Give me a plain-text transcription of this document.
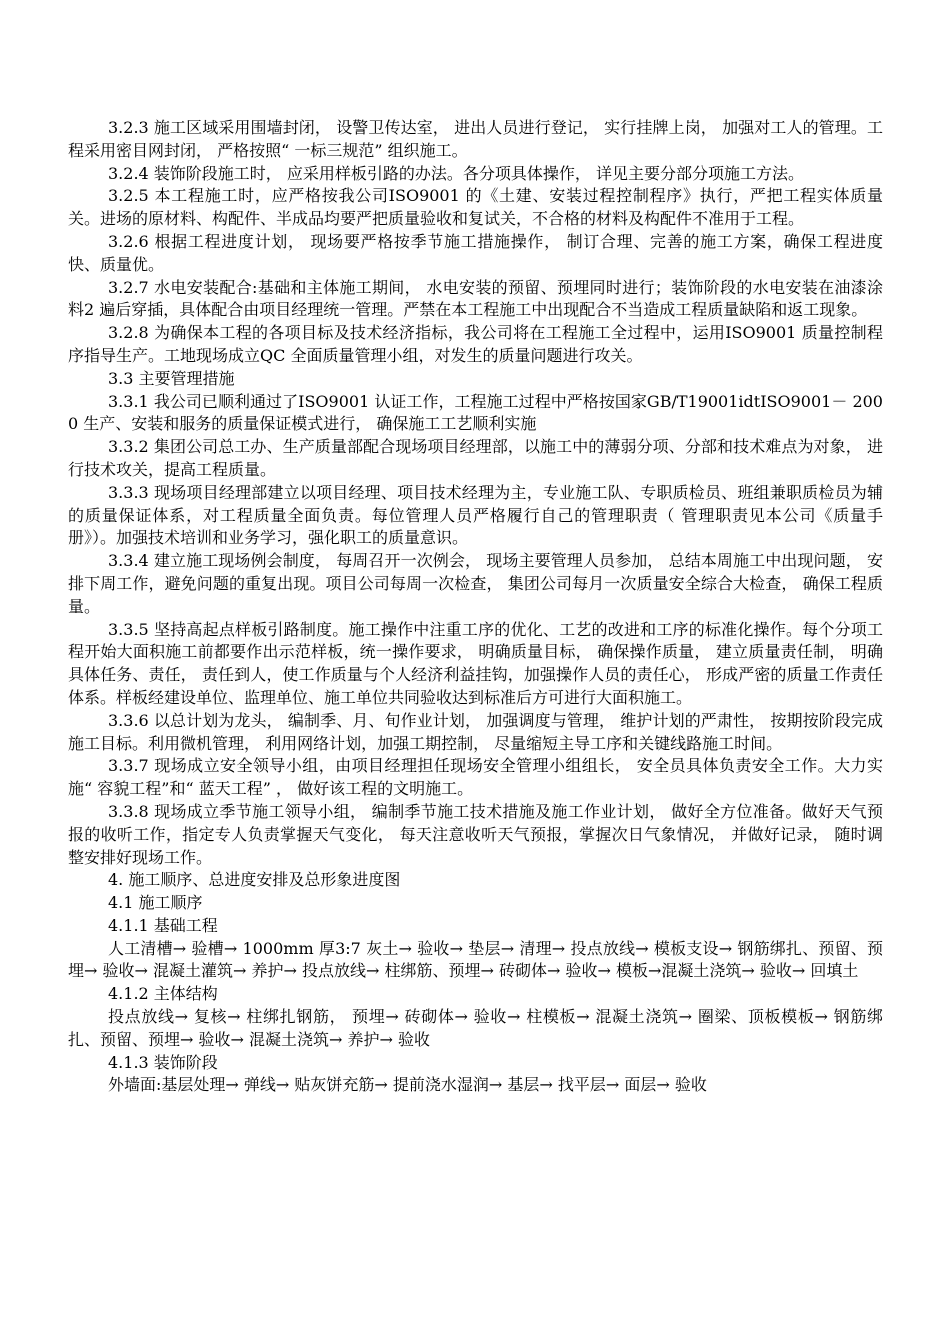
3.2.3 施工区域采用围墙封闭， 设警卫传达室， 进出人员进行登记， 实行挂牌上岗， 加强对工人的管理。工程采用密目网封闭， 严格按照“ 一标三规范” 组织施工。

3.2.4 装饰阶段施工时， 应采用样板引路的办法。各分项具体操作， 详见主要分部分项施工方法。

3.2.5 本工程施工时，应严格按我公司ISO9001 的《土建、安装过程控制程序》执行，严把工程实体质量关。进场的原材料、构配件、半成品均要严把质量验收和复试关，不合格的材料及构配件不准用于工程。

3.2.6 根据工程进度计划， 现场要严格按季节施工措施操作， 制订合理、完善的施工方案，确保工程进度快、质量优。

3.2.7 水电安装配合:基础和主体施工期间， 水电安装的预留、预埋同时进行；装饰阶段的水电安装在油漆涂料2 遍后穿插，具体配合由项目经理统一管理。严禁在本工程施工中出现配合不当造成工程质量缺陷和返工现象。

3.2.8 为确保本工程的各项目标及技术经济指标，我公司将在工程施工全过程中，运用ISO9001 质量控制程序指导生产。工地现场成立QC 全面质量管理小组，对发生的质量问题进行攻关。

3.3 主要管理措施

3.3.1 我公司已顺利通过了ISO9001 认证工作，工程施工过程中严格按国家GB/T19001idtISO9001－ 2000 生产、安装和服务的质量保证模式进行， 确保施工工艺顺利实施

3.3.2 集团公司总工办、生产质量部配合现场项目经理部，以施工中的薄弱分项、分部和技术难点为对象， 进行技术攻关，提高工程质量。

3.3.3 现场项目经理部建立以项目经理、项目技术经理为主，专业施工队、专职质检员、班组兼职质检员为辅的质量保证体系，对工程质量全面负责。每位管理人员严格履行自己的管理职责（ 管理职责见本公司《质量手册》）。加强技术培训和业务学习，强化职工的质量意识。

3.3.4 建立施工现场例会制度， 每周召开一次例会， 现场主要管理人员参加， 总结本周施工中出现问题， 安排下周工作，避免问题的重复出现。项目公司每周一次检查， 集团公司每月一次质量安全综合大检查， 确保工程质量。

3.3.5 坚持高起点样板引路制度。施工操作中注重工序的优化、工艺的改进和工序的标准化操作。每个分项工程开始大面积施工前都要作出示范样板，统一操作要求， 明确质量目标， 确保操作质量， 建立质量责任制， 明确具体任务、责任， 责任到人，使工作质量与个人经济利益挂钩，加强操作人员的责任心， 形成严密的质量工作责任体系。样板经建设单位、监理单位、施工单位共同验收达到标准后方可进行大面积施工。

3.3.6 以总计划为龙头， 编制季、月、旬作业计划， 加强调度与管理， 维护计划的严肃性， 按期按阶段完成施工目标。利用微机管理， 利用网络计划，加强工期控制， 尽量缩短主导工序和关键线路施工时间。

3.3.7 现场成立安全领导小组，由项目经理担任现场安全管理小组组长， 安全员具体负责安全工作。大力实施“ 容貌工程”和“ 蓝天工程” ， 做好该工程的文明施工。

3.3.8 现场成立季节施工领导小组， 编制季节施工技术措施及施工作业计划， 做好全方位准备。做好天气预报的收听工作，指定专人负责掌握天气变化， 每天注意收听天气预报，掌握次日气象情况， 并做好记录， 随时调整安排好现场工作。

4. 施工顺序、总进度安排及总形象进度图

4.1 施工顺序

4.1.1 基础工程

人工清槽→ 验槽→ 1000mm 厚3:7 灰土→ 验收→ 垫层→ 清理→ 投点放线→ 模板支设→ 钢筋绑扎、预留、预埋→ 验收→ 混凝土灌筑→ 养护→ 投点放线→ 柱绑筋、预埋→ 砖砌体→ 验收→ 模板→混凝土浇筑→ 验收→ 回填土

4.1.2 主体结构

投点放线→ 复核→ 柱绑扎钢筋， 预埋→ 砖砌体→ 验收→ 柱模板→ 混凝土浇筑→ 圈梁、顶板模板→ 钢筋绑扎、预留、预埋→ 验收→ 混凝土浇筑→ 养护→ 验收

4.1.3 装饰阶段

外墙面:基层处理→ 弹线→ 贴灰饼充筋→ 提前浇水湿润→ 基层→ 找平层→ 面层→ 验收
